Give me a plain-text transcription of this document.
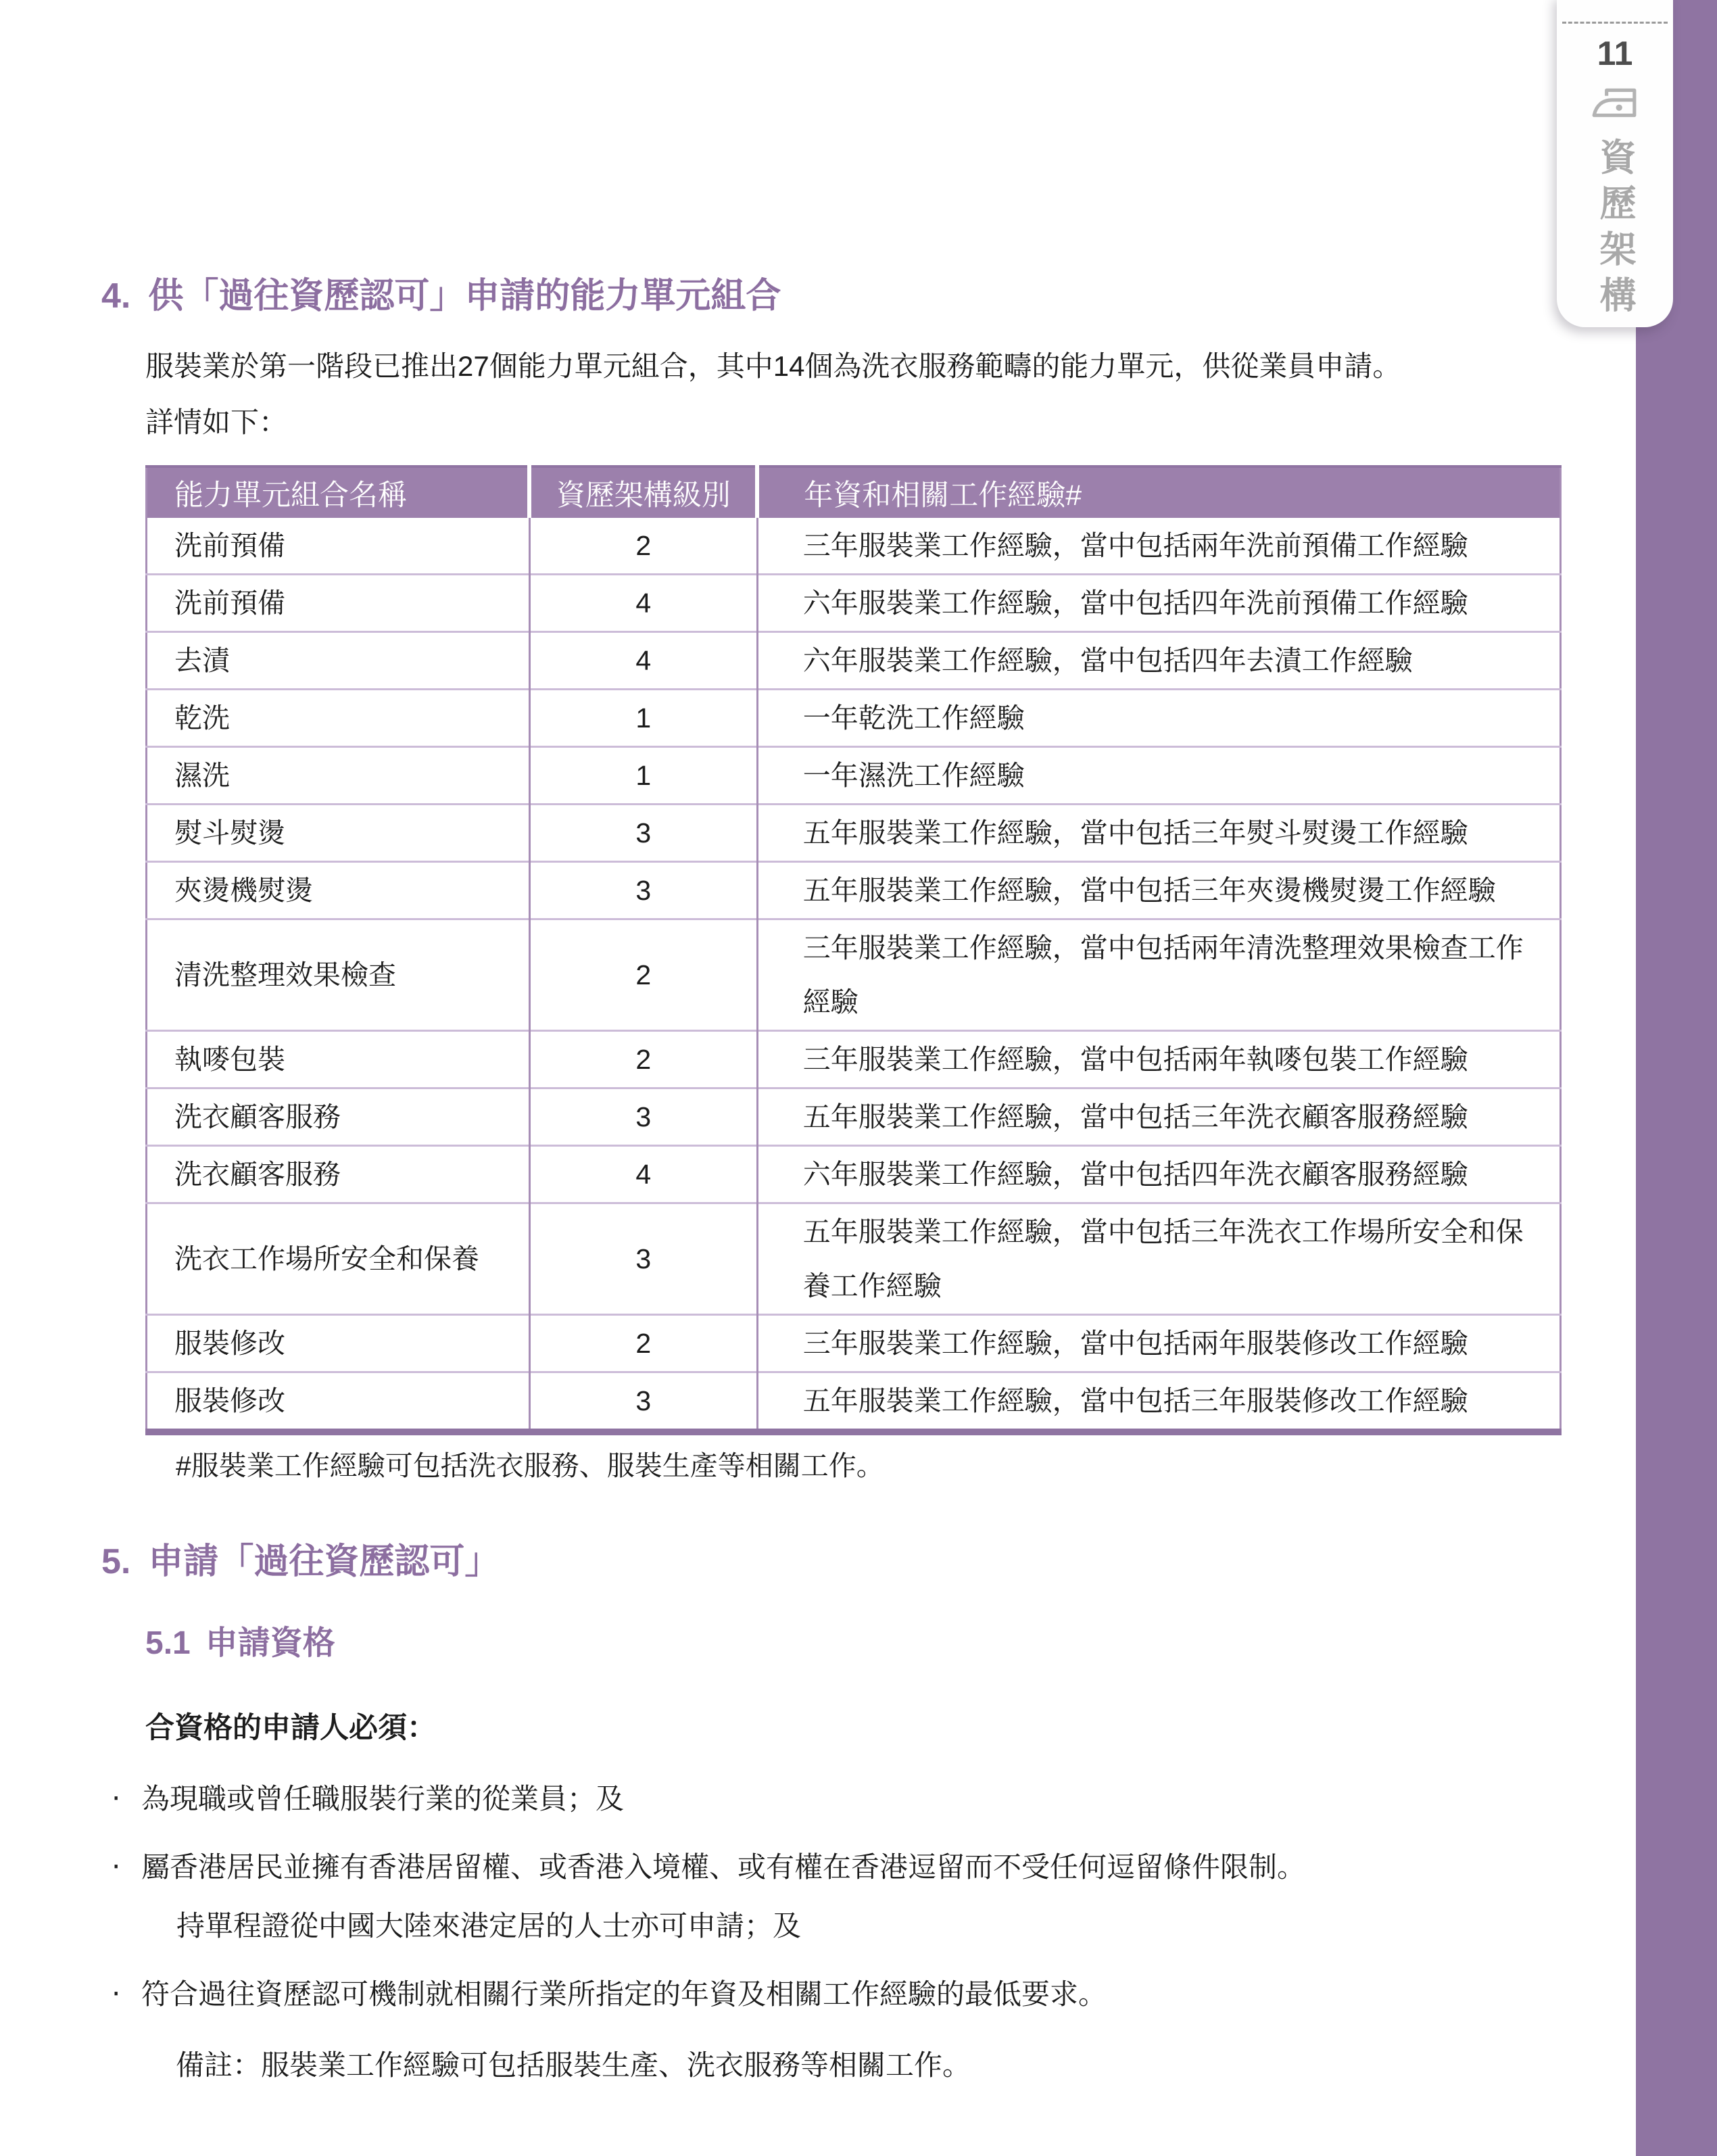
11
資歷架構
4. 供「過往資歷認可」申請的能力單元組合
服裝業於第一階段已推出27個能力單元組合，其中14個為洗衣服務範疇的能力單元，供從業員申請。
詳情如下：
能力單元組合名稱	資歷架構級別	年資和相關工作經驗#
洗前預備	2	三年服裝業工作經驗，當中包括兩年洗前預備工作經驗
洗前預備	4	六年服裝業工作經驗，當中包括四年洗前預備工作經驗
去漬	4	六年服裝業工作經驗，當中包括四年去漬工作經驗
乾洗	1	一年乾洗工作經驗
濕洗	1	一年濕洗工作經驗
熨斗熨燙	3	五年服裝業工作經驗，當中包括三年熨斗熨燙工作經驗
夾燙機熨燙	3	五年服裝業工作經驗，當中包括三年夾燙機熨燙工作經驗
清洗整理效果檢查	2	三年服裝業工作經驗，當中包括兩年清洗整理效果檢查工作經驗
執嘜包裝	2	三年服裝業工作經驗，當中包括兩年執嘜包裝工作經驗
洗衣顧客服務	3	五年服裝業工作經驗，當中包括三年洗衣顧客服務經驗
洗衣顧客服務	4	六年服裝業工作經驗，當中包括四年洗衣顧客服務經驗
洗衣工作場所安全和保養	3	五年服裝業工作經驗，當中包括三年洗衣工作場所安全和保養工作經驗
服裝修改	2	三年服裝業工作經驗，當中包括兩年服裝修改工作經驗
服裝修改	3	五年服裝業工作經驗，當中包括三年服裝修改工作經驗
#服裝業工作經驗可包括洗衣服務、服裝生產等相關工作。
5. 申請「過往資歷認可」
5.1 申請資格
合資格的申請人必須：
‧ 為現職或曾任職服裝行業的從業員；及
‧ 屬香港居民並擁有香港居留權、或香港入境權、或有權在香港逗留而不受任何逗留條件限制。
持單程證從中國大陸來港定居的人士亦可申請；及
‧ 符合過往資歷認可機制就相關行業所指定的年資及相關工作經驗的最低要求。
備註：服裝業工作經驗可包括服裝生產、洗衣服務等相關工作。
